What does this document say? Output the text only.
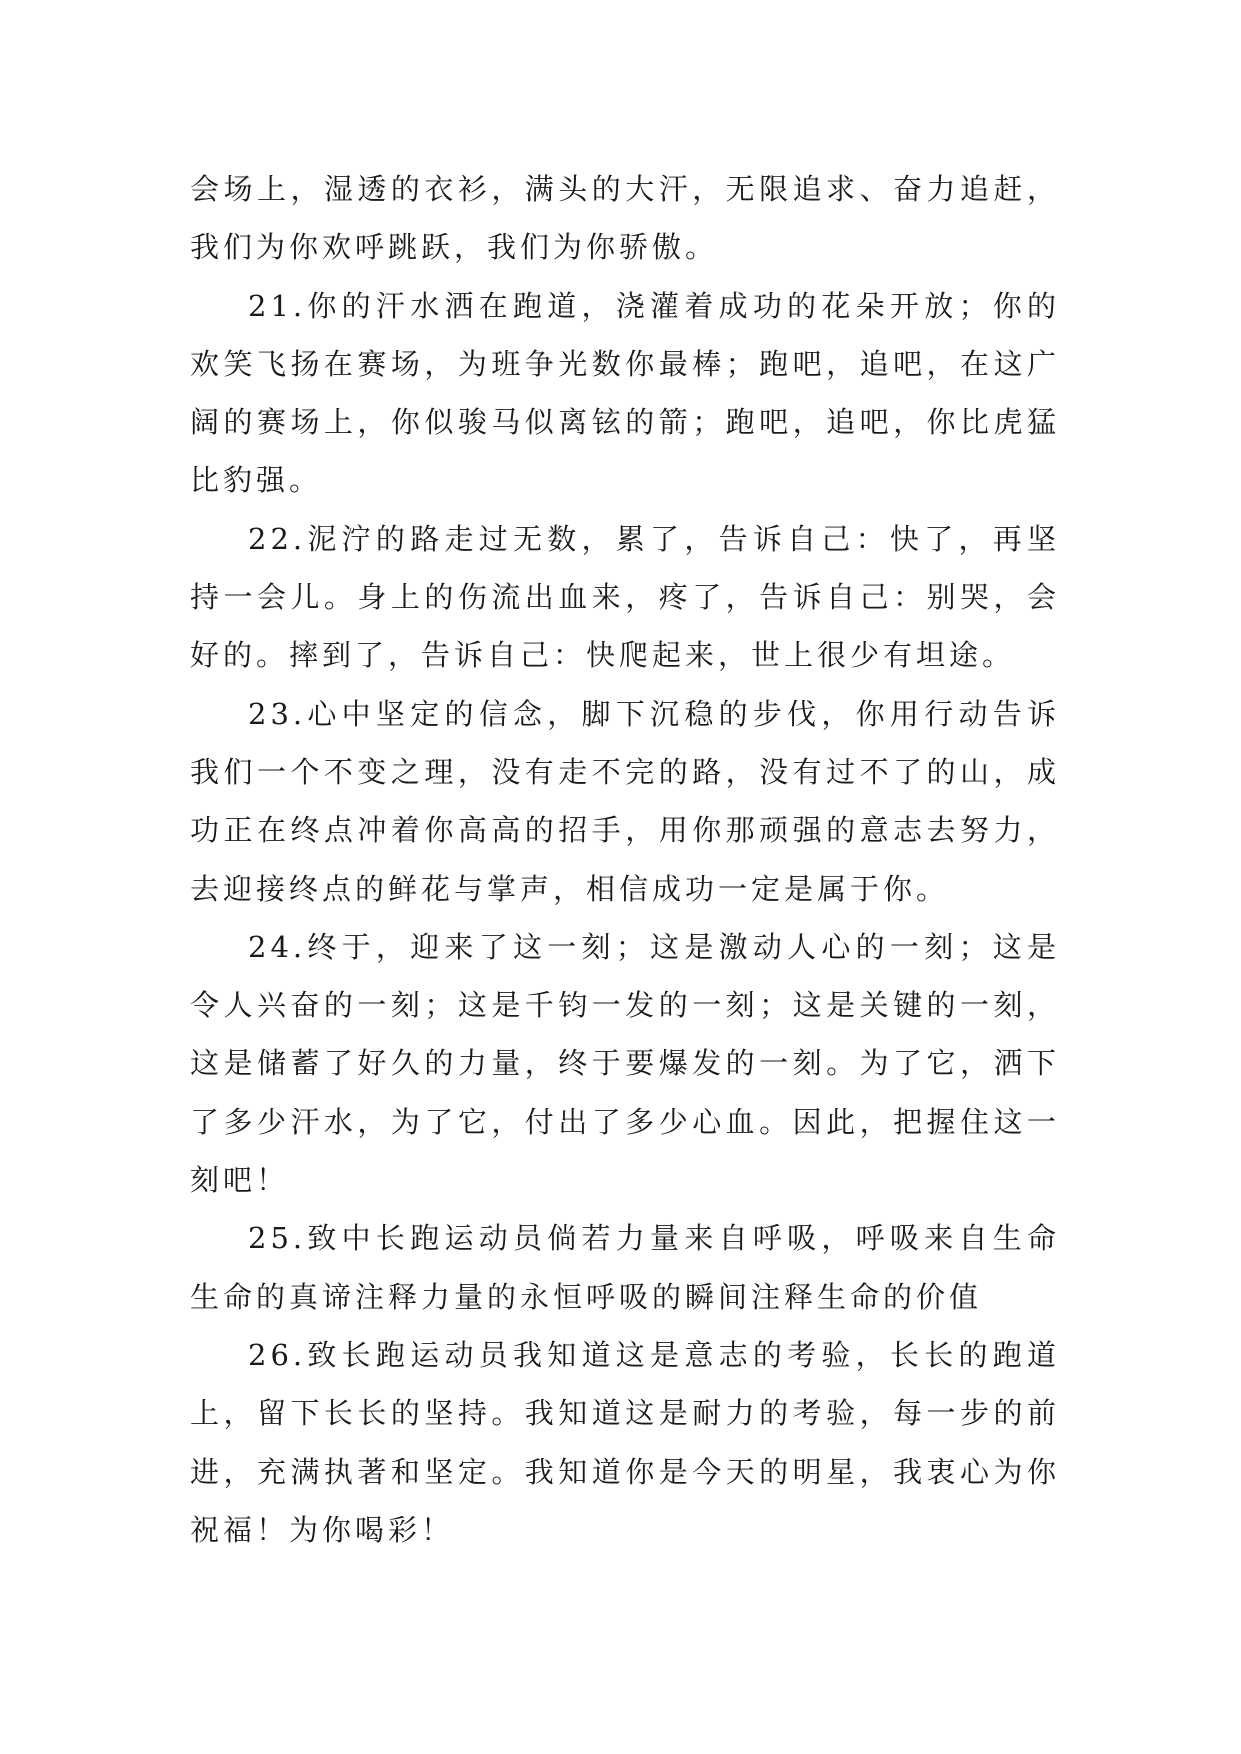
会场上，湿透的衣衫，满头的大汗，无限追求、奋力追赶，我们为你欢呼跳跃，我们为你骄傲。

21.你的汗水洒在跑道，浇灌着成功的花朵开放；你的欢笑飞扬在赛场，为班争光数你最棒；跑吧，追吧，在这广阔的赛场上，你似骏马似离铉的箭；跑吧，追吧，你比虎猛比豹强。

22.泥泞的路走过无数，累了，告诉自己：快了，再坚持一会儿。身上的伤流出血来，疼了，告诉自己：别哭，会好的。摔到了，告诉自己：快爬起来，世上很少有坦途。

23.心中坚定的信念，脚下沉稳的步伐，你用行动告诉我们一个不变之理，没有走不完的路，没有过不了的山，成功正在终点冲着你高高的招手，用你那顽强的意志去努力，去迎接终点的鲜花与掌声，相信成功一定是属于你。

24.终于，迎来了这一刻；这是激动人心的一刻；这是令人兴奋的一刻；这是千钧一发的一刻；这是关键的一刻，这是储蓄了好久的力量，终于要爆发的一刻。为了它，洒下了多少汗水，为了它，付出了多少心血。因此，把握住这一刻吧！

25.致中长跑运动员倘若力量来自呼吸，呼吸来自生命生命的真谛注释力量的永恒呼吸的瞬间注释生命的价值

26.致长跑运动员我知道这是意志的考验，长长的跑道上，留下长长的坚持。我知道这是耐力的考验，每一步的前进，充满执著和坚定。我知道你是今天的明星，我衷心为你祝福！为你喝彩！
